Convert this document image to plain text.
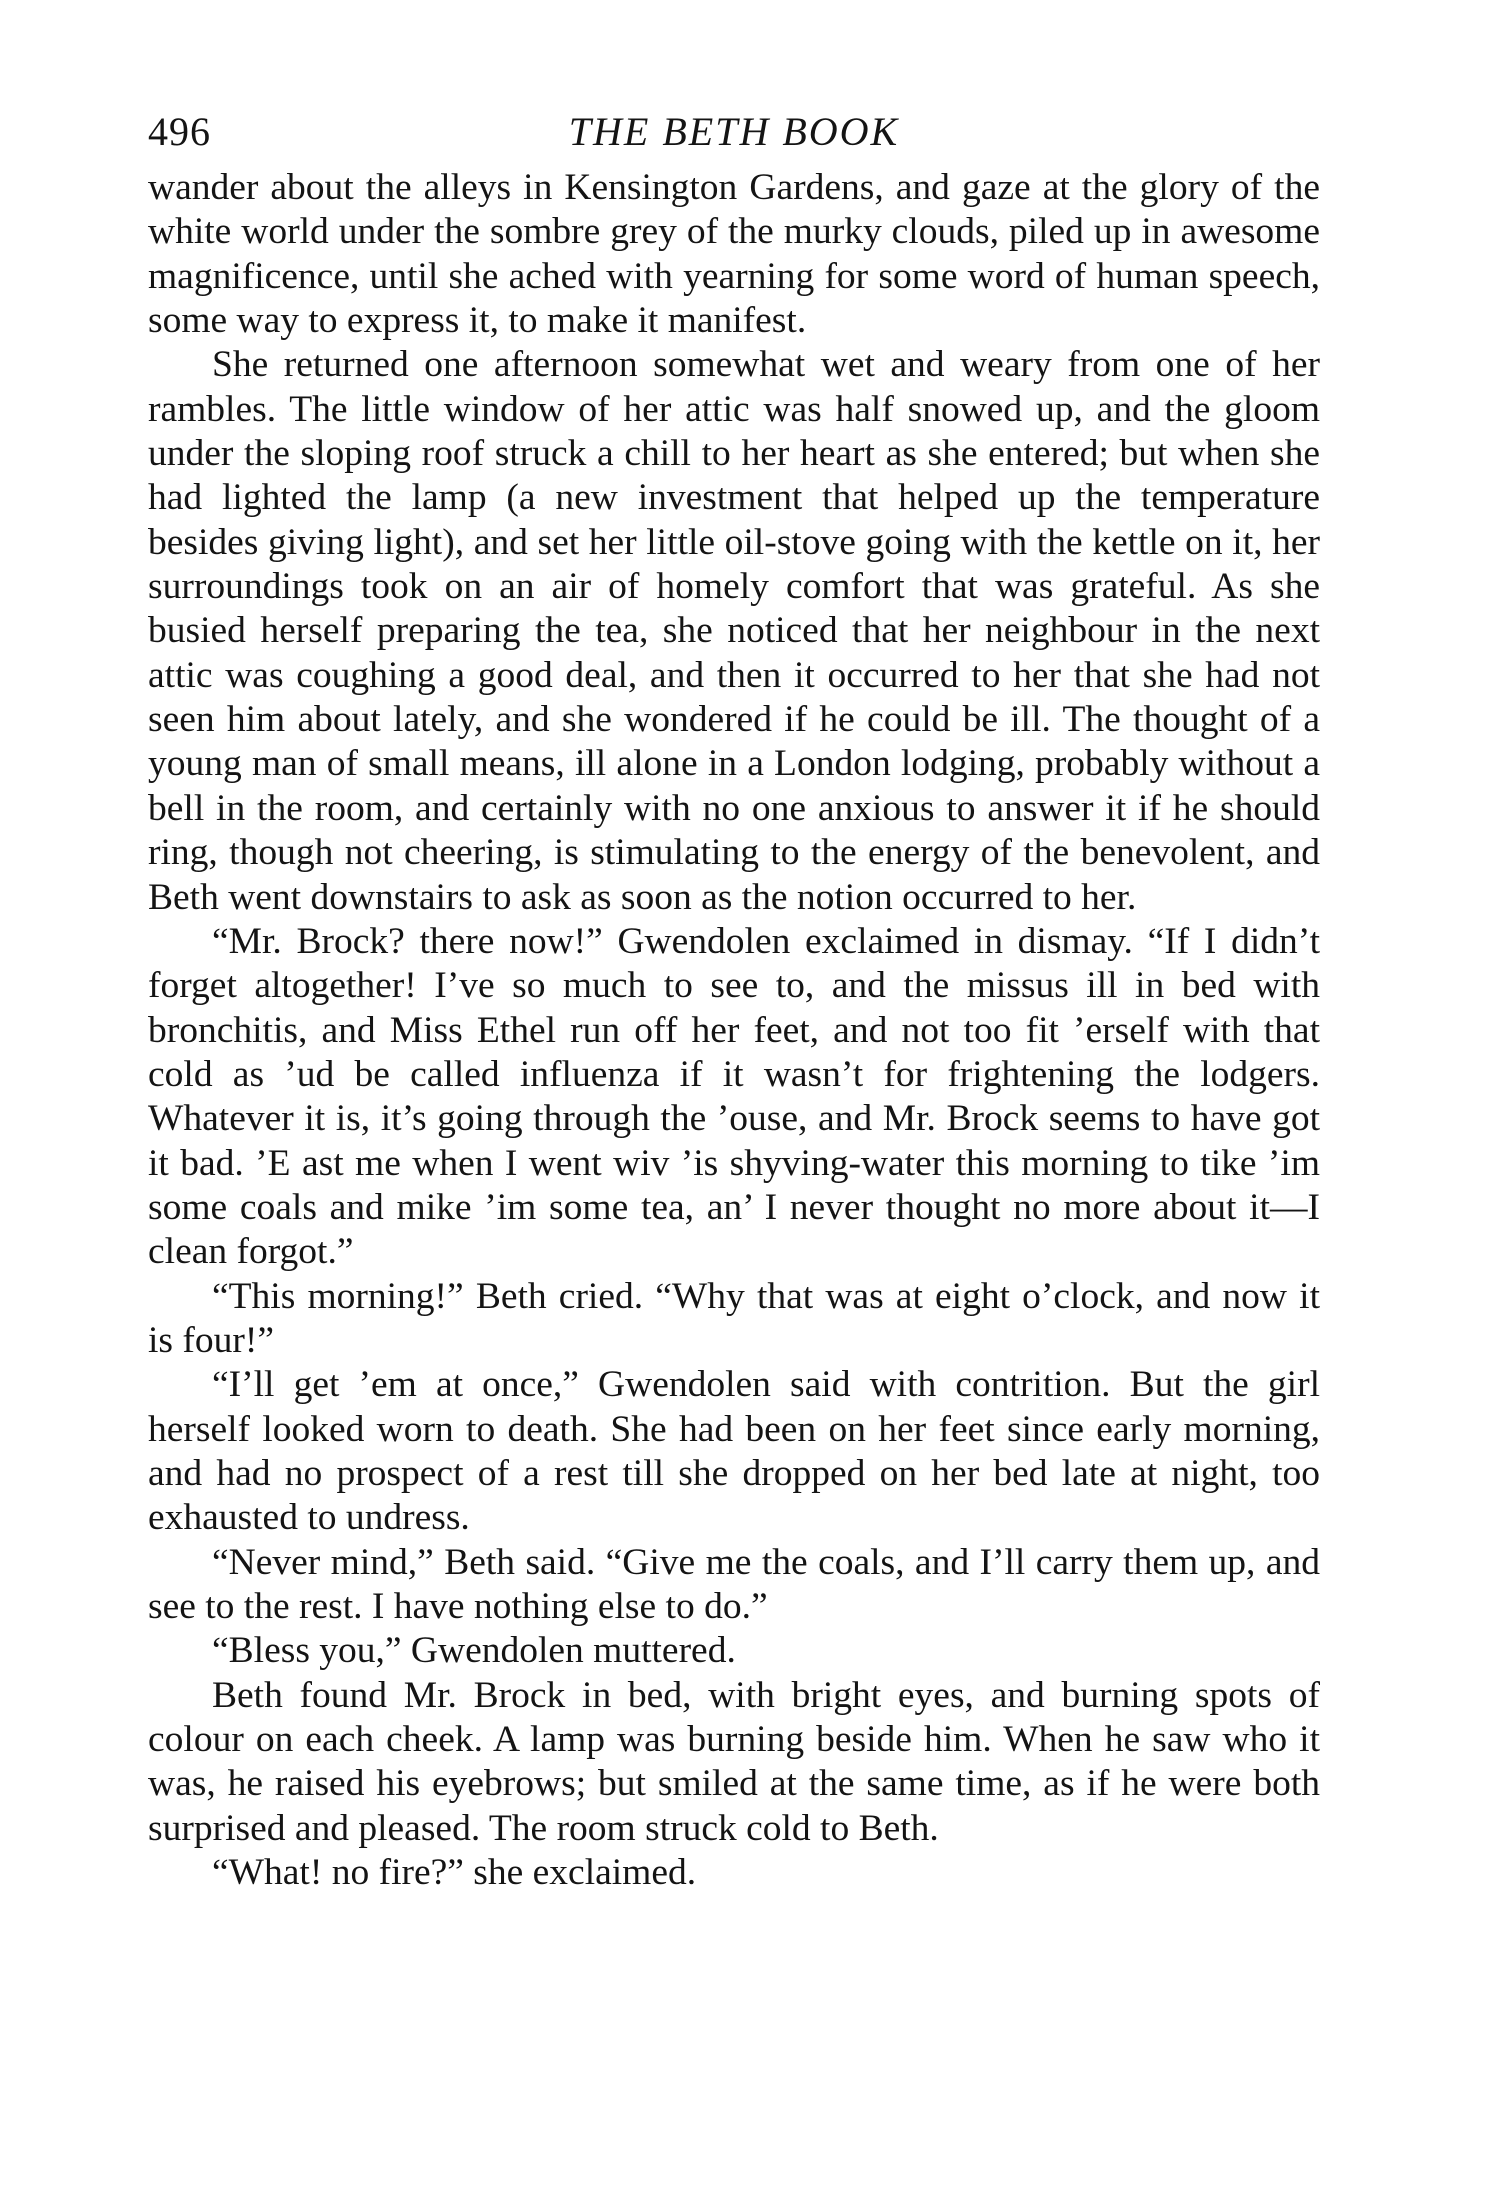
496	THE BETH BOOK

wander about the alleys in Kensington Gardens, and gaze at the glory of the white world under the sombre grey of the murky clouds, piled up in awesome magnificence, until she ached with yearning for some word of human speech, some way to express it, to make it manifest.

She returned one afternoon somewhat wet and weary from one of her rambles. The little window of her attic was half snowed up, and the gloom under the sloping roof struck a chill to her heart as she entered; but when she had lighted the lamp (a new investment that helped up the temperature besides giving light), and set her little oil-stove going with the kettle on it, her surroundings took on an air of homely comfort that was grateful. As she busied herself preparing the tea, she noticed that her neighbour in the next attic was coughing a good deal, and then it occurred to her that she had not seen him about lately, and she wondered if he could be ill. The thought of a young man of small means, ill alone in a London lodging, probably without a bell in the room, and certainly with no one anxious to answer it if he should ring, though not cheering, is stimulating to the energy of the benevolent, and Beth went downstairs to ask as soon as the notion occurred to her.

“Mr. Brock? there now!” Gwendolen exclaimed in dismay. “If I didn’t forget altogether! I’ve so much to see to, and the missus ill in bed with bronchitis, and Miss Ethel run off her feet, and not too fit ’erself with that cold as ’ud be called influenza if it wasn’t for frightening the lodgers. Whatever it is, it’s going through the ’ouse, and Mr. Brock seems to have got it bad. ’E ast me when I went wiv ’is shyving-water this morning to tike ’im some coals and mike ’im some tea, an’ I never thought no more about it—I clean forgot.”

“This morning!” Beth cried. “Why that was at eight o’clock, and now it is four!”

“I’ll get ’em at once,” Gwendolen said with contrition. But the girl herself looked worn to death. She had been on her feet since early morning, and had no prospect of a rest till she dropped on her bed late at night, too exhausted to undress.

“Never mind,” Beth said. “Give me the coals, and I’ll carry them up, and see to the rest. I have nothing else to do.”

“Bless you,” Gwendolen muttered.

Beth found Mr. Brock in bed, with bright eyes, and burning spots of colour on each cheek. A lamp was burning beside him. When he saw who it was, he raised his eyebrows; but smiled at the same time, as if he were both surprised and pleased. The room struck cold to Beth.

“What! no fire?” she exclaimed.
